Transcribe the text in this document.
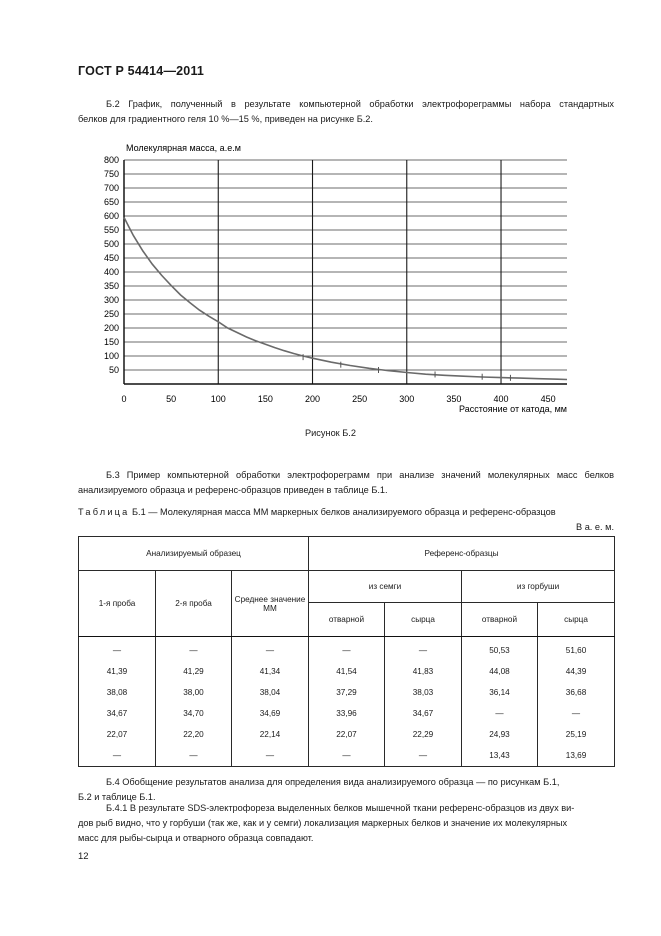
ГОСТ Р 54414—2011
Б.2 График, полученный в результате компьютерной обработки электрофореграммы набора стандартных
белков для градиентного геля 10 %—15 %, приведен на рисунке Б.2.
50
100
150
200
250
300
350
400
450
500
550
600
650
700
750
800
0	50	100	150	200	250	300	350	400	450
Молекулярная масса, а.е.м
Расстояние от катода, мм
Рисунок Б.2
Б.3 Пример компьютерной обработки электрофореграмм при анализе значений молекулярных масс белков
анализируемого образца и референс-образцов приведен в таблице Б.1.
Таблица Б.1 — Молекулярная масса ММ маркерных белков анализируемого образца и референс-образцов
В а. е. м.
Анализируемый образец			Референс-образцы			
1-я проба	2-я проба	Среднее значение ММ	из семги		из горбуши	
			отварной	сырца	отварной	сырца
—	—	—	—	—	50,53	51,60
41,39	41,29	41,34	41,54	41,83	44,08	44,39
38,08	38,00	38,04	37,29	38,03	36,14	36,68
34,67	34,70	34,69	33,96	34,67	—	—
22,07	22,20	22,14	22,07	22,29	24,93	25,19
—	—	—	—	—	13,43	13,69
Б.4 Обобщение результатов анализа для определения вида анализируемого образца — по рисункам Б.1,
Б.2 и таблице Б.1.
Б.4.1 В результате SDS-электрофореза выделенных белков мышечной ткани референс-образцов из двух ви-
дов рыб видно, что у горбуши (так же, как и у семги) локализация маркерных белков и значение их молекулярных
масс для рыбы-сырца и отварного образца совпадают.
12
